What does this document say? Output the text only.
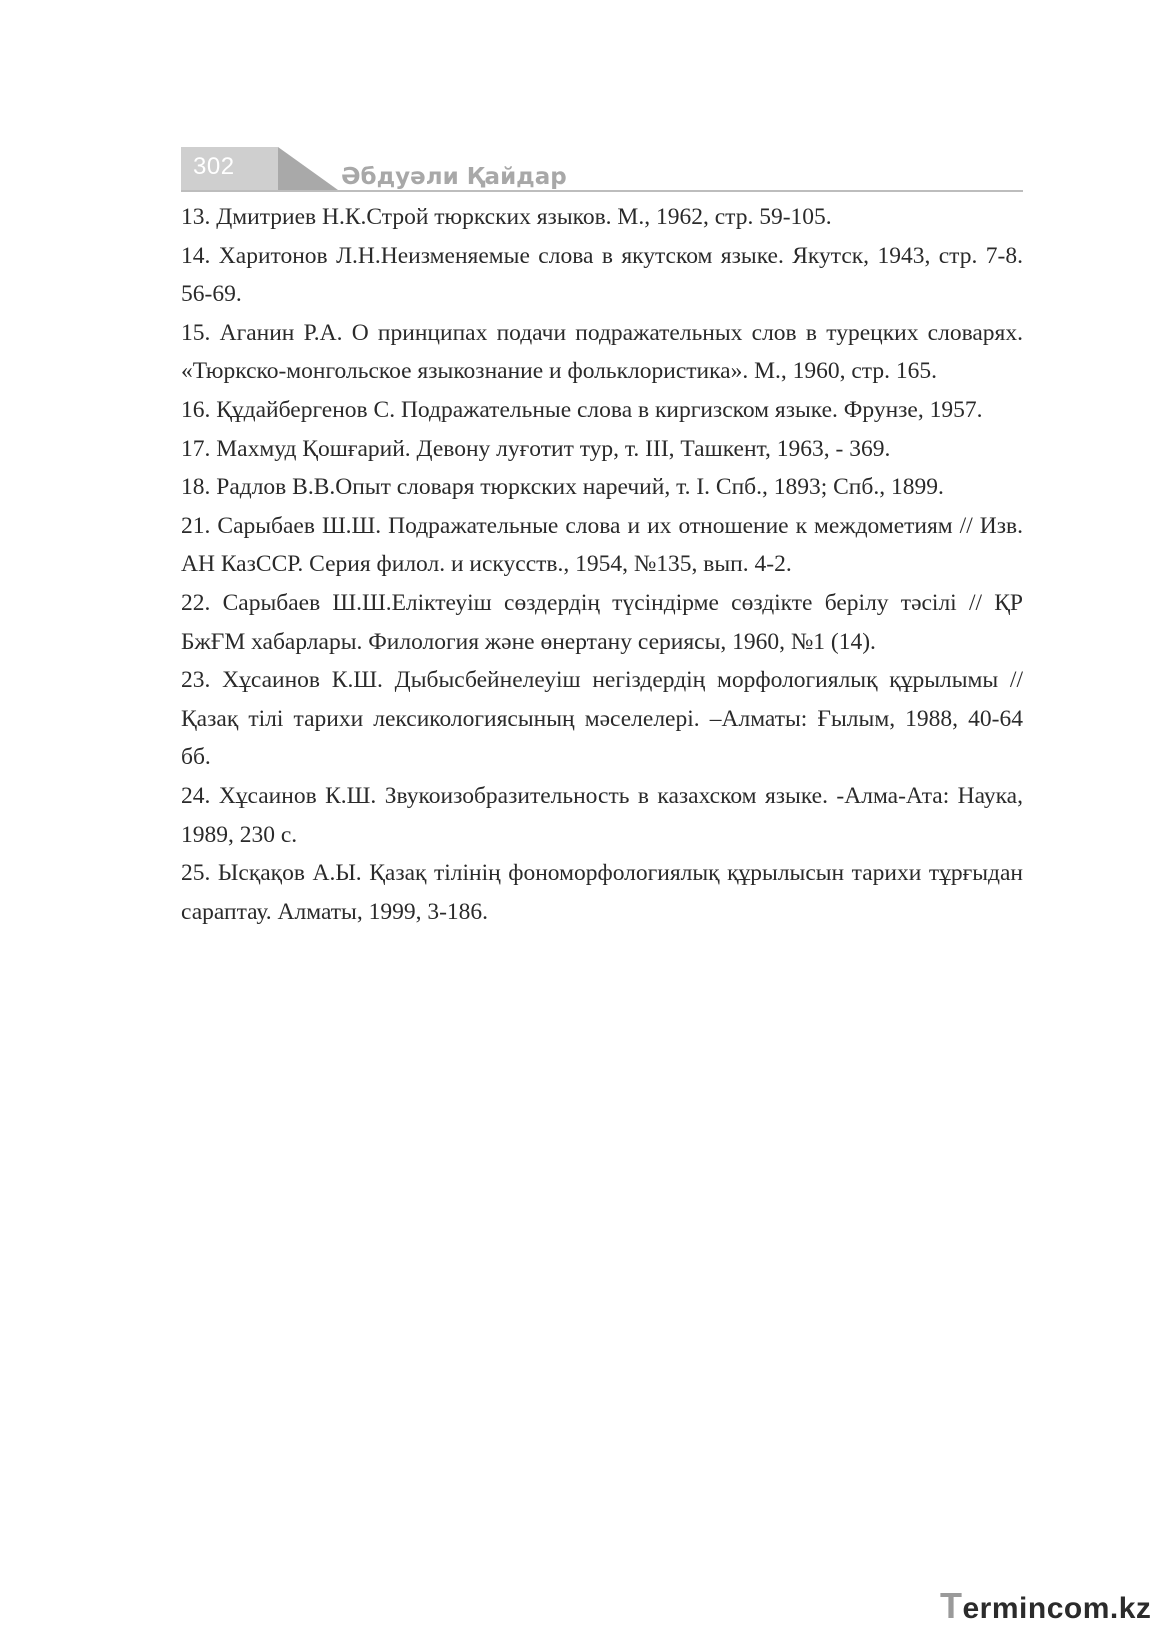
302	Әбдуәли Қайдар
13. Дмитриев Н.К.Строй тюркских языков. М., 1962, стр. 59-105.
14. Харитонов Л.Н.Неизменяемые слова в якутском языке. Якутск, 1943, стр. 7-8. 56-69.
15. Аганин Р.А. О принципах подачи подражательных слов в турецких словарях. «Тюркско-монгольское языкознание и фольклористика». М., 1960, стр. 165.
16. Құдайбергенов С. Подражательные слова в киргизском языке. Фрунзе, 1957.
17. Махмуд Қошғарий. Девону луғотит тур, т. III, Ташкент, 1963, - 369.
18. Радлов В.В.Опыт словаря тюркских наречий, т. I. Спб., 1893; Спб., 1899.
21. Сарыбаев Ш.Ш. Подражательные слова и их отношение к междометиям // Изв. АН КазССР. Серия филол. и искусств., 1954, №135, вып. 4-2.
22. Сарыбаев Ш.Ш.Еліктеуіш сөздердің түсіндірме сөздікте берілу тәсілі // ҚР БжҒМ хабарлары. Филология және өнертану сериясы, 1960, №1 (14).
23. Хұсаинов К.Ш. Дыбысбейнелеуіш негіздердің морфологиялық құрылымы // Қазақ тілі тарихи лексикологиясының мәселелері. –Алматы: Ғылым, 1988, 40-64 бб.
24. Хұсаинов К.Ш. Звукоизобразительность в казахском языке. -Алма-Ата: Наука, 1989, 230 с.
25. Ысқақов А.Ы. Қазақ тілінің фономорфологиялық құрылысын тарихи тұрғыдан сараптау. Алматы, 1999, 3-186.
Termincom.kz
